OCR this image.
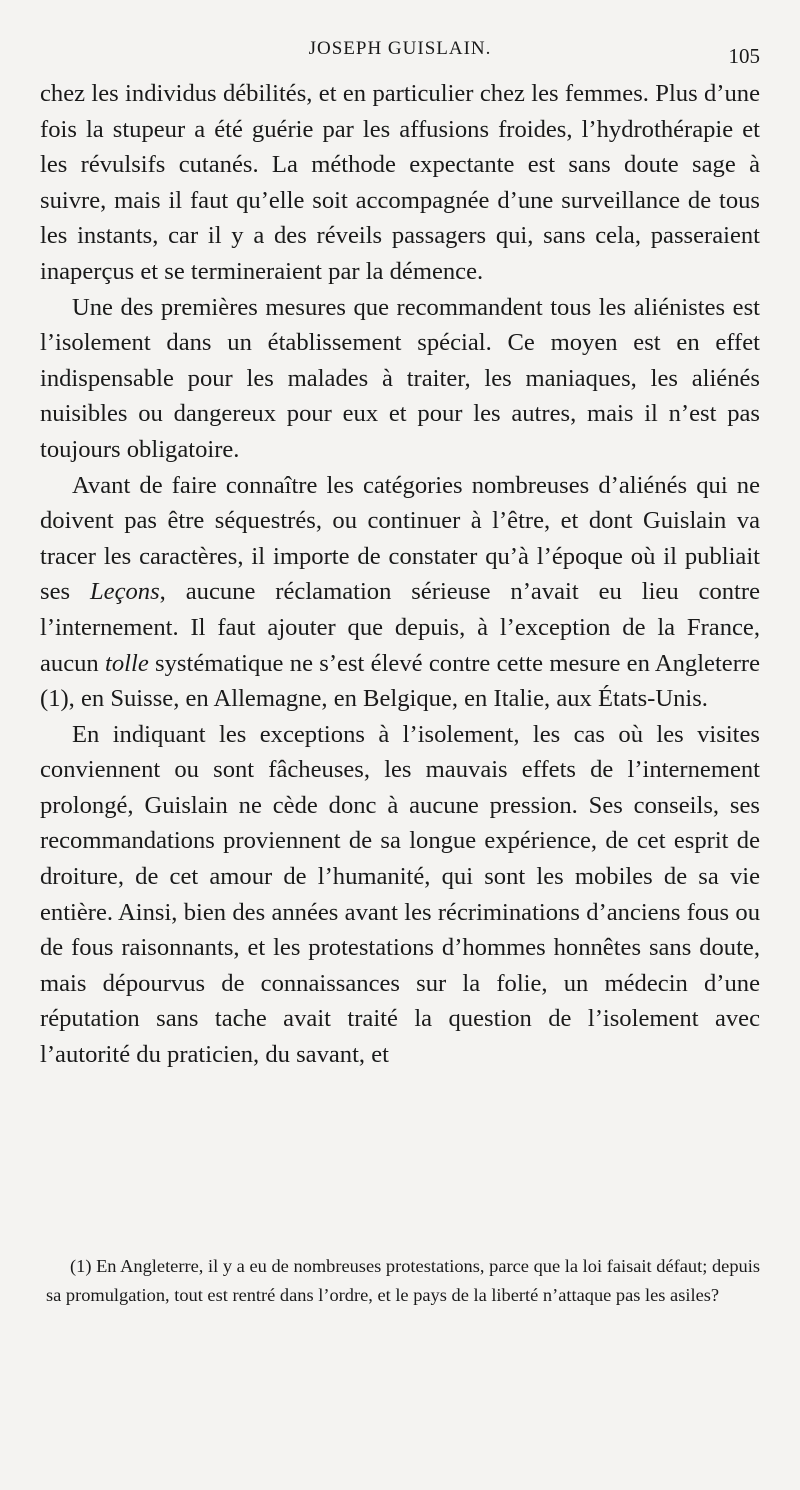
JOSEPH GUISLAIN.	105

chez les individus débilités, et en particulier chez les femmes. Plus d’une fois la stupeur a été guérie par les affusions froides, l’hydrothérapie et les révulsifs cutanés. La méthode expectante est sans doute sage à suivre, mais il faut qu’elle soit accompagnée d’une surveillance de tous les instants, car il y a des réveils passagers qui, sans cela, passeraient inaperçus et se termineraient par la démence.

Une des premières mesures que recommandent tous les aliénistes est l’isolement dans un établissement spécial. Ce moyen est en effet indispensable pour les malades à traiter, les maniaques, les aliénés nuisibles ou dangereux pour eux et pour les autres, mais il n’est pas toujours obligatoire.

Avant de faire connaître les catégories nombreuses d’aliénés qui ne doivent pas être séquestrés, ou continuer à l’être, et dont Guislain va tracer les caractères, il importe de constater qu’à l’époque où il publiait ses Leçons, aucune réclamation sérieuse n’avait eu lieu contre l’internement. Il faut ajouter que depuis, à l’exception de la France, aucun tolle systématique ne s’est élevé contre cette mesure en Angleterre (1), en Suisse, en Allemagne, en Belgique, en Italie, aux États-Unis.

En indiquant les exceptions à l’isolement, les cas où les visites conviennent ou sont fâcheuses, les mauvais effets de l’internement prolongé, Guislain ne cède donc à aucune pression. Ses conseils, ses recommandations proviennent de sa longue expérience, de cet esprit de droiture, de cet amour de l’humanité, qui sont les mobiles de sa vie entière. Ainsi, bien des années avant les récriminations d’anciens fous ou de fous raisonnants, et les protestations d’hommes honnêtes sans doute, mais dépourvus de connaissances sur la folie, un médecin d’une réputation sans tache avait traité la question de l’isolement avec l’autorité du praticien, du savant, et

(1) En Angleterre, il y a eu de nombreuses protestations, parce que la loi faisait défaut; depuis sa promulgation, tout est rentré dans l’ordre, et le pays de la liberté n’attaque pas les asiles?
